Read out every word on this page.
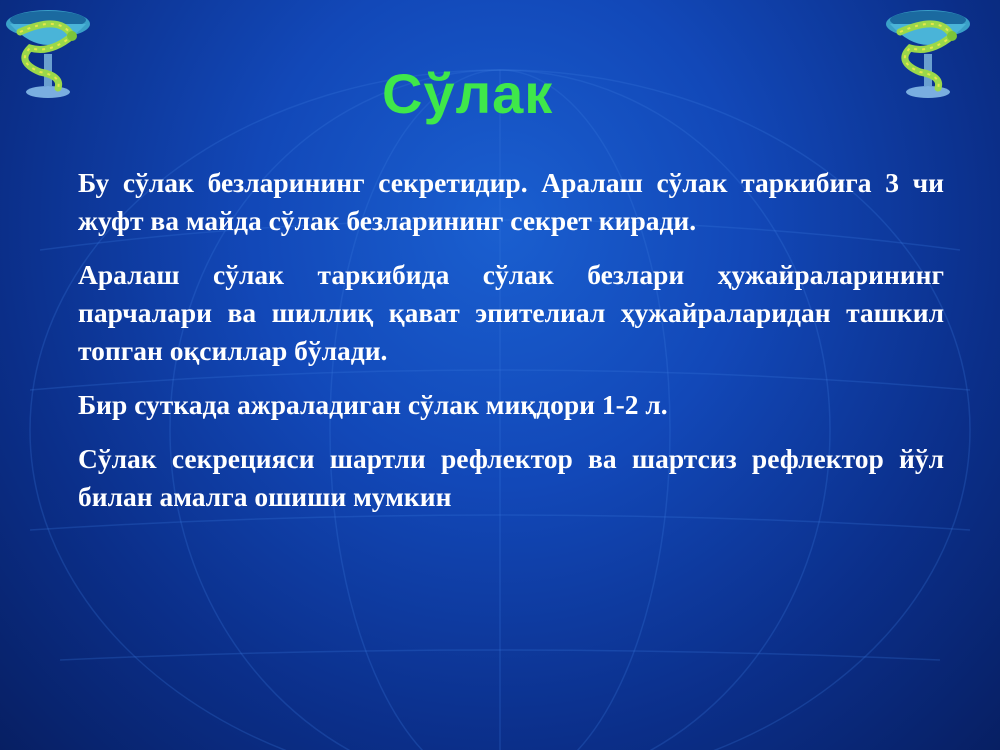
Сўлак

Бу сўлак безларининг секретидир. Аралаш сўлак таркибига 3 чи жуфт ва майда сўлак безларининг секрет киради.

Аралаш сўлак таркибида сўлак безлари ҳужайраларининг парчалари ва шиллиқ қават эпителиал ҳужайраларидан ташкил топган оқсиллар бўлади.

Бир суткада ажраладиган сўлак миқдори 1-2 л.

Сўлак секрецияси шартли рефлектор ва шартсиз рефлектор йўл билан амалга ошиши мумкин
